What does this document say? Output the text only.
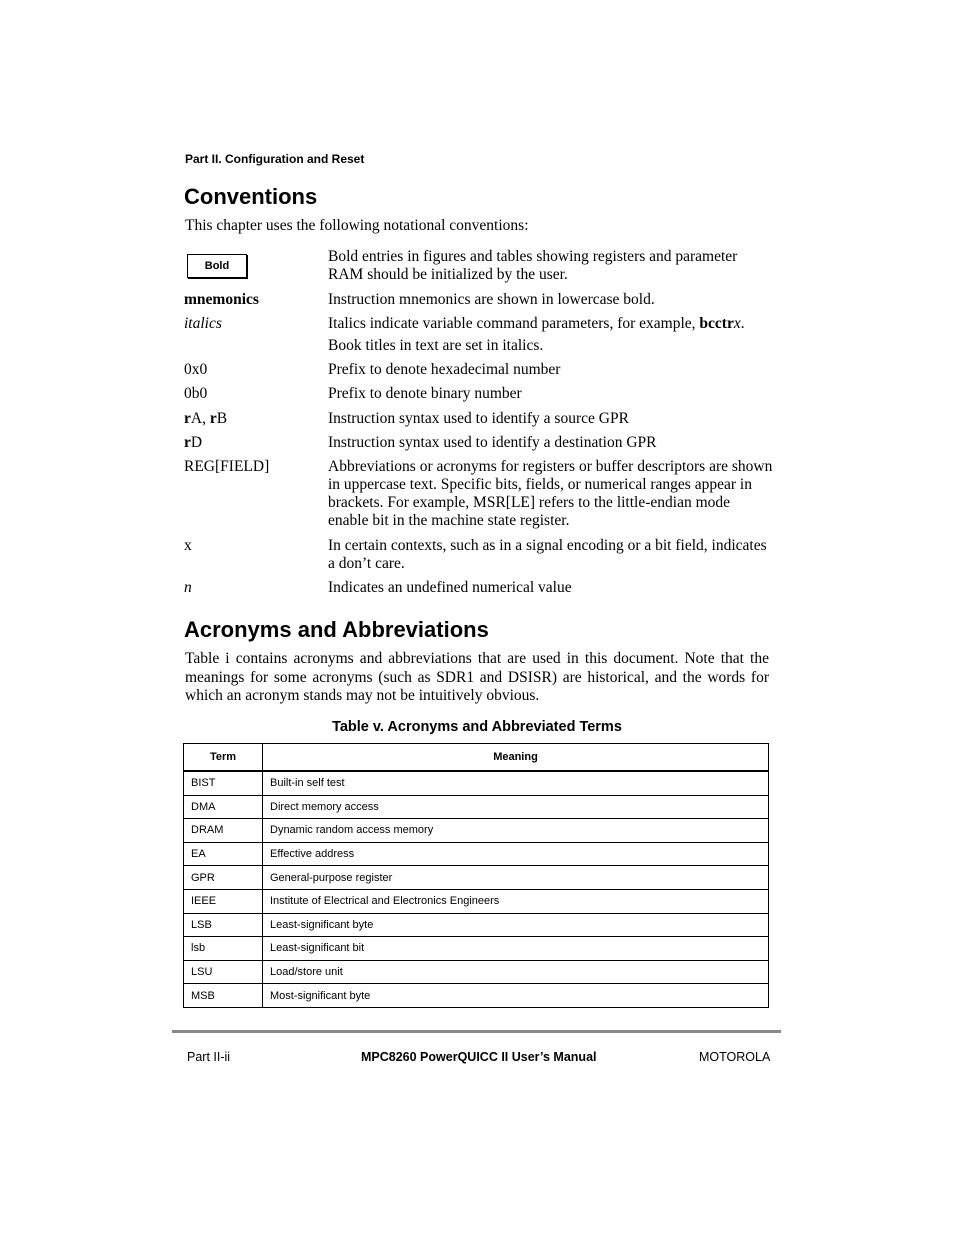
Part II. Configuration and Reset
Conventions
This chapter uses the following notational conventions:
Bold
Bold entries in figures and tables showing registers and parameter RAM should be initialized by the user.
mnemonics	Instruction mnemonics are shown in lowercase bold.
italics	Italics indicate variable command parameters, for example, bcctrx.
Book titles in text are set in italics.
0x0	Prefix to denote hexadecimal number
0b0	Prefix to denote binary number
rA, rB	Instruction syntax used to identify a source GPR
rD	Instruction syntax used to identify a destination GPR
REG[FIELD]	Abbreviations or acronyms for registers or buffer descriptors are shown in uppercase text. Specific bits, fields, or numerical ranges appear in brackets. For example, MSR[LE] refers to the little-endian mode enable bit in the machine state register.
x	In certain contexts, such as in a signal encoding or a bit field, indicates a don’t care.
n	Indicates an undefined numerical value
Acronyms and Abbreviations
Table i contains acronyms and abbreviations that are used in this document. Note that the meanings for some acronyms (such as SDR1 and DSISR) are historical, and the words for which an acronym stands may not be intuitively obvious.
Table v. Acronyms and Abbreviated Terms
Term	Meaning
BIST	Built-in self test
DMA	Direct memory access
DRAM	Dynamic random access memory
EA	Effective address
GPR	General-purpose register
IEEE	Institute of Electrical and Electronics Engineers
LSB	Least-significant byte
lsb	Least-significant bit
LSU	Load/store unit
MSB	Most-significant byte
Part II-ii	MPC8260 PowerQUICC II User’s Manual	MOTOROLA
